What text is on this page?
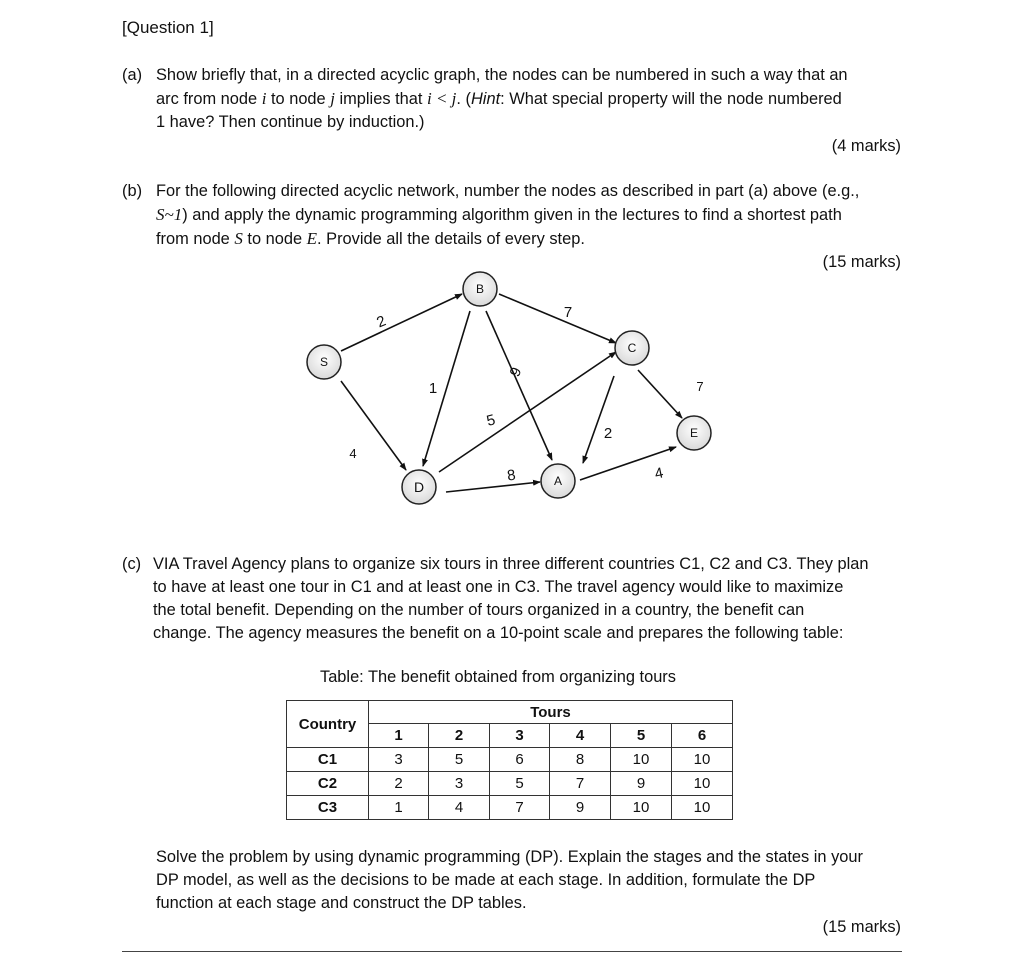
[Question 1]
(a) Show briefly that, in a directed acyclic graph, the nodes can be numbered in such a way that an
arc from node i to node j implies that i < j. (Hint: What special property will the node numbered
1 have? Then continue by induction.)
(4 marks)
(b) For the following directed acyclic network, number the nodes as described in part (a) above (e.g.,
S~1) and apply the dynamic programming algorithm given in the lectures to find a shortest path
from node S to node E. Provide all the details of every step.
(15 marks)
S
B
C
D	A
E
2
4
1
7
9
5
8
2
7
4
(c) VIA Travel Agency plans to organize six tours in three different countries C1, C2 and C3. They plan
to have at least one tour in C1 and at least one in C3. The travel agency would like to maximize
the total benefit. Depending on the number of tours organized in a country, the benefit can
change. The agency measures the benefit on a 10-point scale and prepares the following table:
Table: The benefit obtained from organizing tours
Country	Tours					
	1	2	3	4	5	6
C1	3	5	6	8	10	10
C2	2	3	5	7	9	10
C3	1	4	7	9	10	10
Solve the problem by using dynamic programming (DP). Explain the stages and the states in your
DP model, as well as the decisions to be made at each stage. In addition, formulate the DP
function at each stage and construct the DP tables.
(15 marks)
